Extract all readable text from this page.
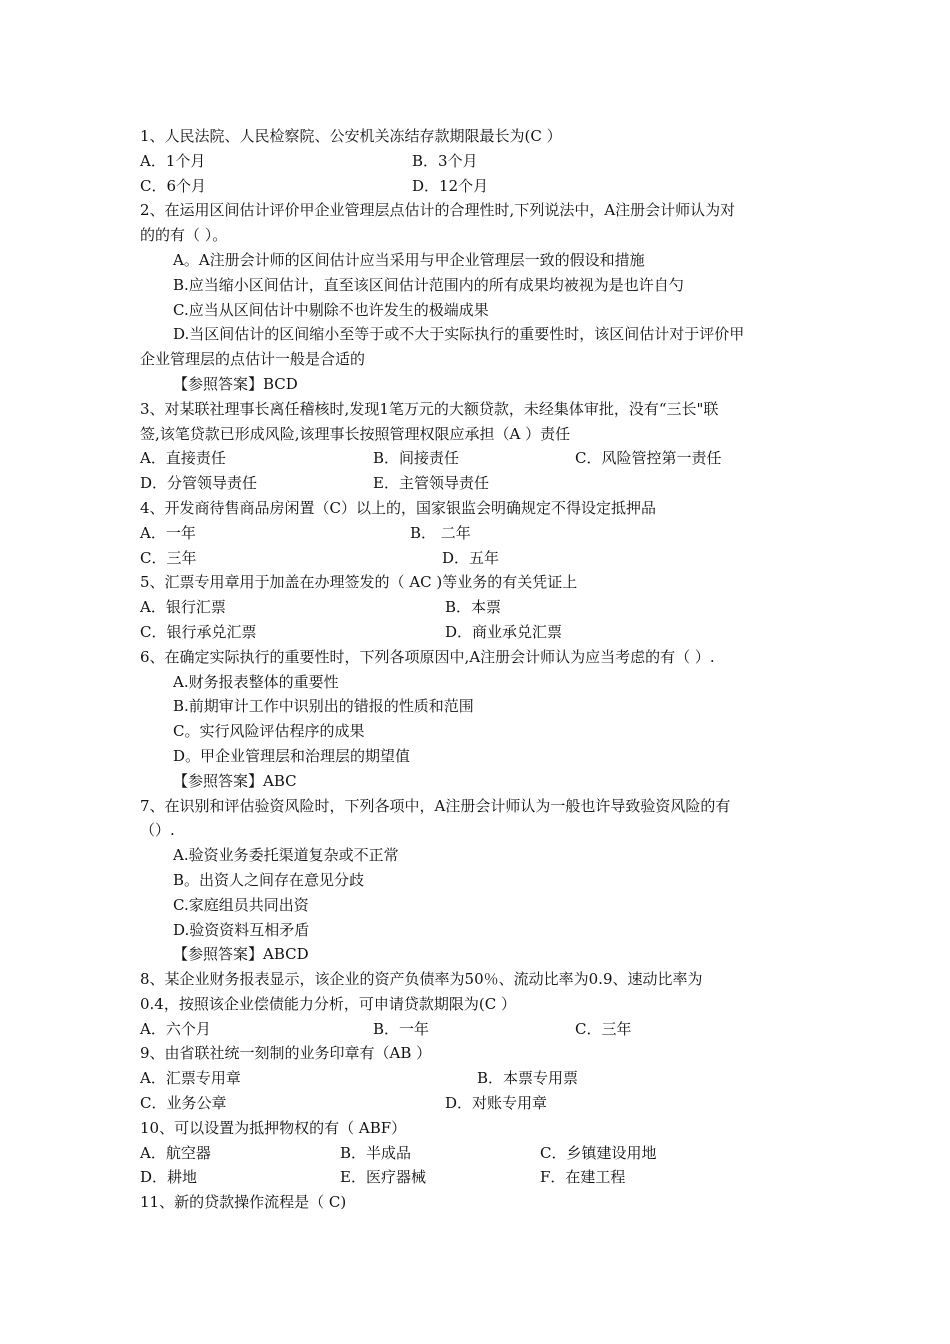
1、人民法院、人民检察院、公安机关冻结存款期限最长为(C ）
A．1个月	B．3个月
C．6个月	D．12个月
2、在运用区间估计评价甲企业管理层点估计的合理性时,下列说法中，A注册会计师认为对
的的有（ ）。
A。A注册会计师的区间估计应当采用与甲企业管理层一致的假设和措施
B.应当缩小区间估计，直至该区间估计范围内的所有成果均被视为是也许自勺
C.应当从区间估计中剔除不也许发生的极端成果
D.当区间估计的区间缩小至等于或不大于实际执行的重要性时，该区间估计对于评价甲
企业管理层的点估计一般是合适的
【参照答案】BCD
3、对某联社理事长离任稽核时,发现1笔万元的大额贷款，未经集体审批，没有“三长"联
签,该笔贷款已形成风险,该理事长按照管理权限应承担（A ）责任
A．直接责任	B．间接责任	C．风险管控第一责任
D．分管领导责任	E．主管领导责任
4、开发商待售商品房闲置（C）以上的，国家银监会明确规定不得设定抵押品
A．一年	B． 二年
C．三年	D．五年
5、汇票专用章用于加盖在办理签发的（ AC )等业务的有关凭证上
A．银行汇票	B．本票
C．银行承兑汇票	D．商业承兑汇票
6、在确定实际执行的重要性时，下列各项原因中,A注册会计师认为应当考虑的有（ ）.
A.财务报表整体的重要性
B.前期审计工作中识别出的错报的性质和范围
C。实行风险评估程序的成果
D。甲企业管理层和治理层的期望值
【参照答案】ABC
7、在识别和评估验资风险时，下列各项中，A注册会计师认为一般也许导致验资风险的有
（）.
A.验资业务委托渠道复杂或不正常
B。出资人之间存在意见分歧
C.家庭组员共同出资
D.验资资料互相矛盾
【参照答案】ABCD
8、某企业财务报表显示，该企业的资产负债率为50％、流动比率为0.9、速动比率为
0.4，按照该企业偿债能力分析，可申请贷款期限为(C ）
A．六个月	B．一年	C．三年
9、由省联社统一刻制的业务印章有（AB ）
A．汇票专用章	B．本票专用票
C．业务公章	D．对账专用章
10、可以设置为抵押物权的有（ ABF）
A．航空器	B．半成品	C．乡镇建设用地
D．耕地	E．医疗器械	F．在建工程
11、新的贷款操作流程是（ C)
